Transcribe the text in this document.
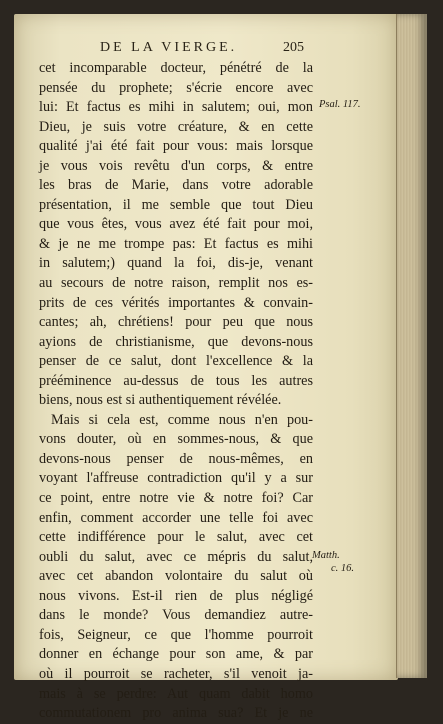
DE LA VIERGE.	205
cet incomparable docteur, pénétré de la
pensée du prophete; s'écrie encore avec
lui: Et factus es mihi in salutem; oui, mon
Dieu, je suis votre créature, & en cette
qualité j'ai été fait pour vous: mais lorsque
je vous vois revêtu d'un corps, & entre
les bras de Marie, dans votre adorable
présentation, il me semble que tout Dieu
que vous êtes, vous avez été fait pour moi,
& je ne me trompe pas: Et factus es mihi
in salutem;) quand la foi, dis-je, venant
au secours de notre raison, remplit nos es-
prits de ces vérités importantes & convain-
cantes; ah, chrétiens! pour peu que nous
ayions de christianisme, que devons-nous
penser de ce salut, dont l'excellence & la
prééminence au-dessus de tous les autres
biens, nous est si authentiquement révélée.
Mais si cela est, comme nous n'en pou-
vons douter, où en sommes-nous, & que
devons-nous penser de nous-mêmes, en
voyant l'affreuse contradiction qu'il y a sur
ce point, entre notre vie & notre foi? Car
enfin, comment accorder une telle foi avec
cette indifférence pour le salut, avec cet
oubli du salut, avec ce mépris du salut,
avec cet abandon volontaire du salut où
nous vivons. Est-il rien de plus négligé
dans le monde? Vous demandiez autre-
fois, Seigneur, ce que l'homme pourroit
donner en échange pour son ame, & par
où il pourroit se racheter, s'il venoit ja-
mais à se perdre: Aut quam dabit homo
commutationem pro anima sua? Et je ne
Psal. 117.
Matth.
c. 16.
